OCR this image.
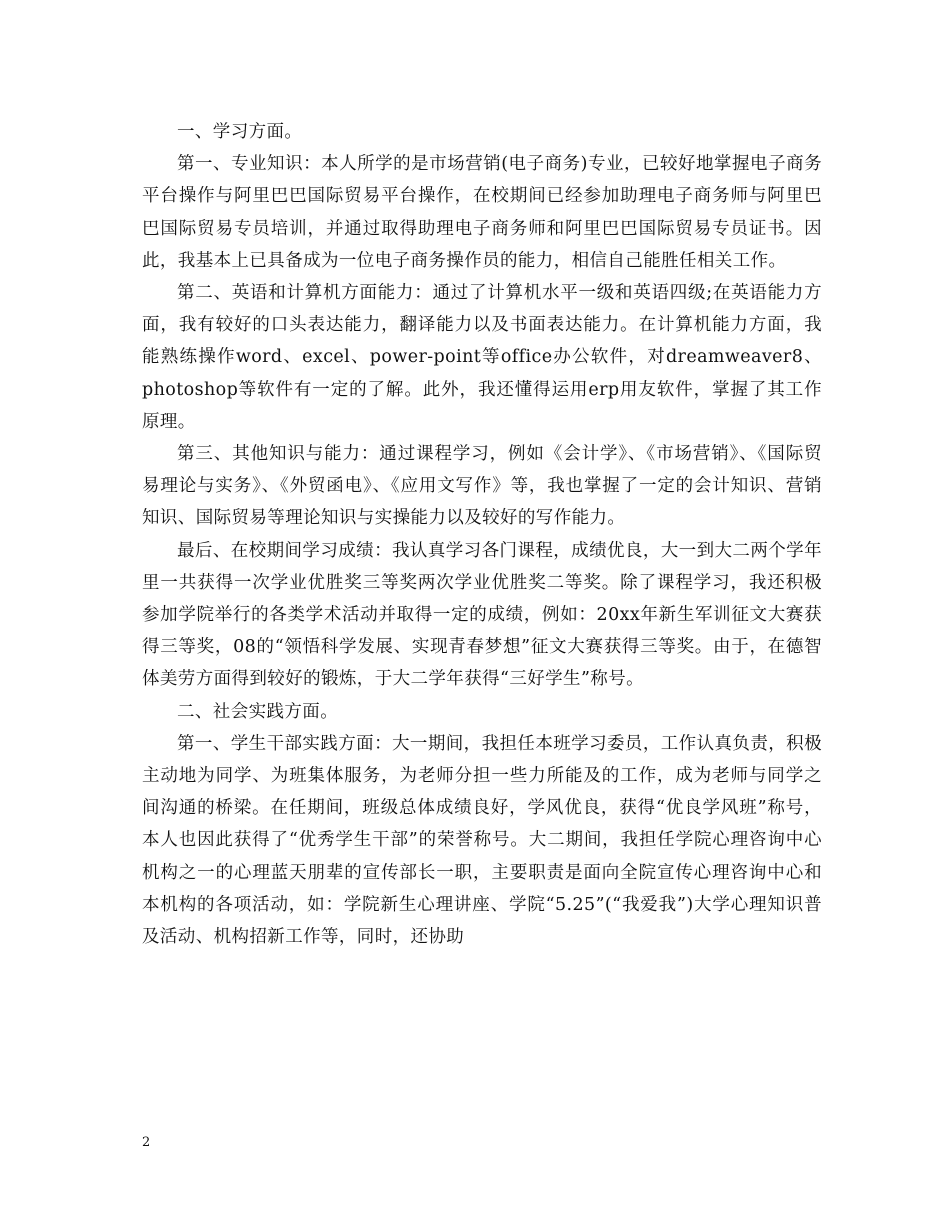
一、学习方面。

第一、专业知识：本人所学的是市场营销(电子商务)专业，已较好地掌握电子商务平台操作与阿里巴巴国际贸易平台操作，在校期间已经参加助理电子商务师与阿里巴巴国际贸易专员培训，并通过取得助理电子商务师和阿里巴巴国际贸易专员证书。因此，我基本上已具备成为一位电子商务操作员的能力，相信自己能胜任相关工作。

第二、英语和计算机方面能力：通过了计算机水平一级和英语四级;在英语能力方面，我有较好的口头表达能力，翻译能力以及书面表达能力。在计算机能力方面，我能熟练操作word、excel、power-point等office办公软件，对dreamweaver8、photoshop等软件有一定的了解。此外，我还懂得运用erp用友软件，掌握了其工作原理。

第三、其他知识与能力：通过课程学习，例如《会计学》、《市场营销》、《国际贸易理论与实务》、《外贸函电》、《应用文写作》等，我也掌握了一定的会计知识、营销知识、国际贸易等理论知识与实操能力以及较好的写作能力。

最后、在校期间学习成绩：我认真学习各门课程，成绩优良，大一到大二两个学年里一共获得一次学业优胜奖三等奖两次学业优胜奖二等奖。除了课程学习，我还积极参加学院举行的各类学术活动并取得一定的成绩，例如：20xx年新生军训征文大赛获得三等奖，08的“领悟科学发展、实现青春梦想”征文大赛获得三等奖。由于，在德智体美劳方面得到较好的锻炼，于大二学年获得“三好学生”称号。

二、社会实践方面。

第一、学生干部实践方面：大一期间，我担任本班学习委员，工作认真负责，积极主动地为同学、为班集体服务，为老师分担一些力所能及的工作，成为老师与同学之间沟通的桥梁。在任期间，班级总体成绩良好，学风优良，获得“优良学风班”称号，本人也因此获得了“优秀学生干部”的荣誉称号。大二期间，我担任学院心理咨询中心机构之一的心理蓝天朋辈的宣传部长一职，主要职责是面向全院宣传心理咨询中心和本机构的各项活动，如：学院新生心理讲座、学院“5.25”(“我爱我”)大学心理知识普及活动、机构招新工作等，同时，还协助

2
